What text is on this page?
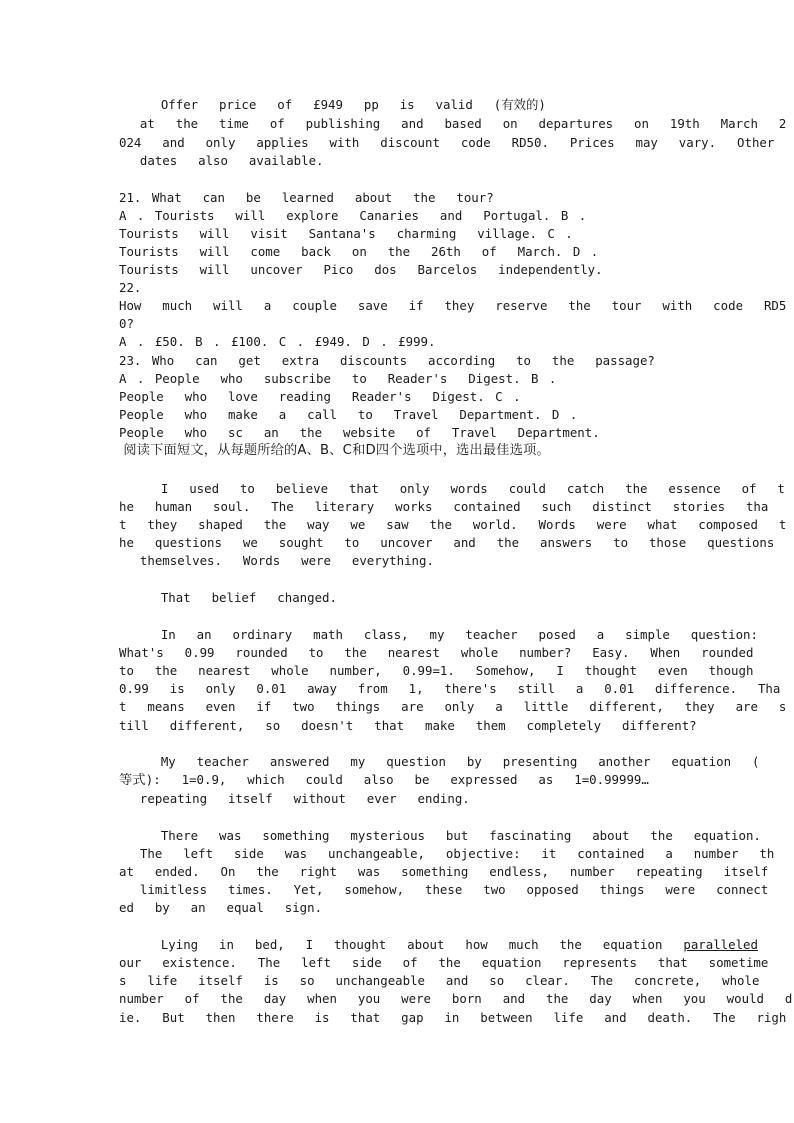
Offer  price  of  £949  pp  is  valid  (有效的)
at  the  time  of  publishing  and  based  on  departures  on  19th  March  2
024  and  only  applies  with  discount  code  RD50.  Prices  may  vary.  Other
dates  also  available.
21. What  can  be  learned  about  the  tour?
A . Tourists  will  explore  Canaries  and  Portugal. B .
Tourists  will  visit  Santana's  charming  village. C .
Tourists  will  come  back  on  the  26th  of  March. D .
Tourists  will  uncover  Pico  dos  Barcelos  independently.
22.
How  much  will  a  couple  save  if  they  reserve  the  tour  with  code  RD5
0?
A . £50. B . £100. C . £949. D . £999.
23. Who  can  get  extra  discounts  according  to  the  passage?
A . People  who  subscribe  to  Reader's  Digest. B .
People  who  love  reading  Reader's  Digest. C .
People  who  make  a  call  to  Travel  Department. D .
People  who  sc  an  the  website  of  Travel  Department.
阅读下面短文，从每题所给的A、B、C和D四个选项中，选出最佳选项。
I  used  to  believe  that  only  words  could  catch  the  essence  of  t
he  human  soul.  The  literary  works  contained  such  distinct  stories  tha
t  they  shaped  the  way  we  saw  the  world.  Words  were  what  composed  t
he  questions  we  sought  to  uncover  and  the  answers  to  those  questions
themselves.  Words  were  everything.
That  belief  changed.
In  an  ordinary  math  class,  my  teacher  posed  a  simple  question:
What's  0.99  rounded  to  the  nearest  whole  number?  Easy.  When  rounded
to  the  nearest  whole  number,  0.99=1.  Somehow,  I  thought  even  though
0.99  is  only  0.01  away  from  1,  there's  still  a  0.01  difference.  Tha
t  means  even  if  two  things  are  only  a  little  different,  they  are  s
till  different,  so  doesn't  that  make  them  completely  different?
My  teacher  answered  my  question  by  presenting  another  equation  (
等式):  1=0.9,  which  could  also  be  expressed  as  1=0.99999…
repeating  itself  without  ever  ending.
There  was  something  mysterious  but  fascinating  about  the  equation.
The  left  side  was  unchangeable,  objective:  it  contained  a  number  th
at  ended.  On  the  right  was  something  endless,  number  repeating  itself
limitless  times.  Yet,  somehow,  these  two  opposed  things  were  connect
ed  by  an  equal  sign.
Lying  in  bed,  I  thought  about  how  much  the  equation  paralleled
our  existence.  The  left  side  of  the  equation  represents  that  sometime
s  life  itself  is  so  unchangeable  and  so  clear.  The  concrete,  whole
number  of  the  day  when  you  were  born  and  the  day  when  you  would  d
ie.  But  then  there  is  that  gap  in  between  life  and  death.  The  righ
